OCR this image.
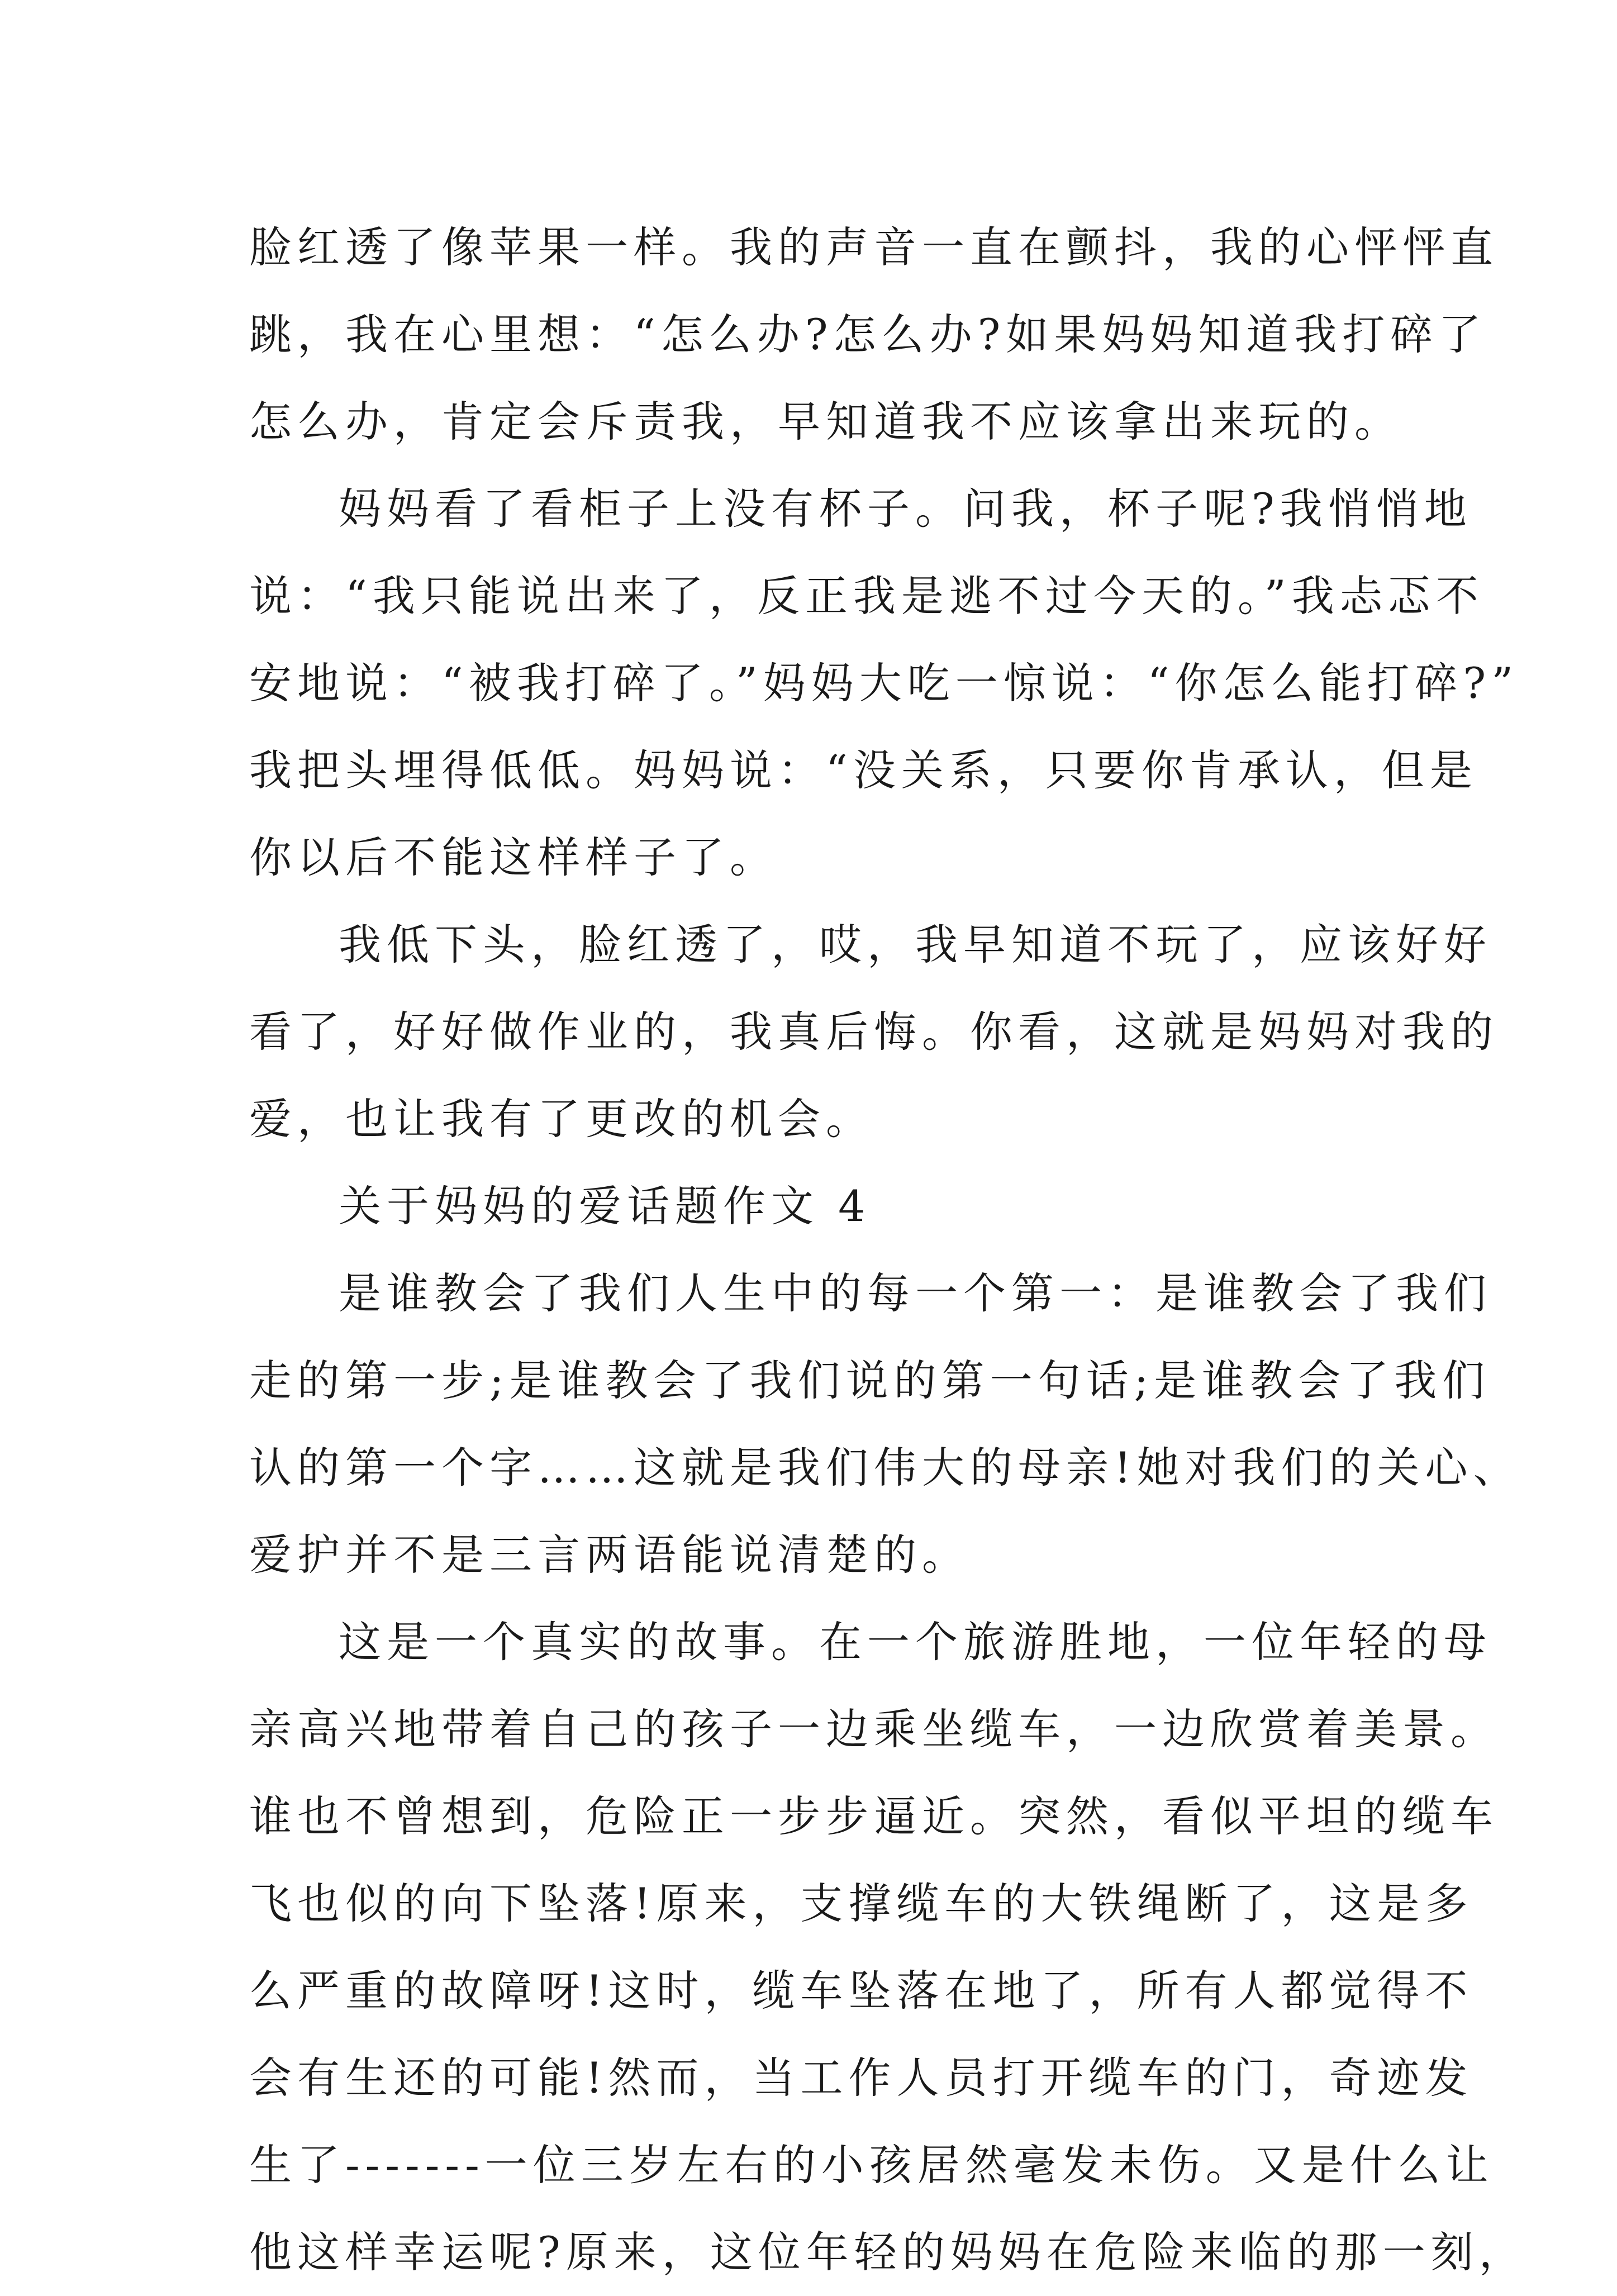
脸红透了像苹果一样。我的声音一直在颤抖，我的心怦怦直
跳，我在心里想：“怎么办?怎么办?如果妈妈知道我打碎了
怎么办，肯定会斥责我，早知道我不应该拿出来玩的。
妈妈看了看柜子上没有杯子。问我，杯子呢?我悄悄地
说：“我只能说出来了，反正我是逃不过今天的。”我忐忑不
安地说：“被我打碎了。”妈妈大吃一惊说：“你怎么能打碎?”
我把头埋得低低。妈妈说：“没关系，只要你肯承认，但是
你以后不能这样样子了。
我低下头，脸红透了，哎，我早知道不玩了，应该好好
看了，好好做作业的，我真后悔。你看，这就是妈妈对我的
爱，也让我有了更改的机会。
关于妈妈的爱话题作文 4
是谁教会了我们人生中的每一个第一：是谁教会了我们
走的第一步;是谁教会了我们说的第一句话;是谁教会了我们
认的第一个字……这就是我们伟大的母亲!她对我们的关心、
爱护并不是三言两语能说清楚的。
这是一个真实的故事。在一个旅游胜地，一位年轻的母
亲高兴地带着自己的孩子一边乘坐缆车，一边欣赏着美景。
谁也不曾想到，危险正一步步逼近。突然，看似平坦的缆车
飞也似的向下坠落!原来，支撑缆车的大铁绳断了，这是多
么严重的故障呀!这时，缆车坠落在地了，所有人都觉得不
会有生还的可能!然而，当工作人员打开缆车的门，奇迹发
生了-------一位三岁左右的小孩居然毫发未伤。又是什么让
他这样幸运呢?原来，这位年轻的妈妈在危险来临的那一刻，
